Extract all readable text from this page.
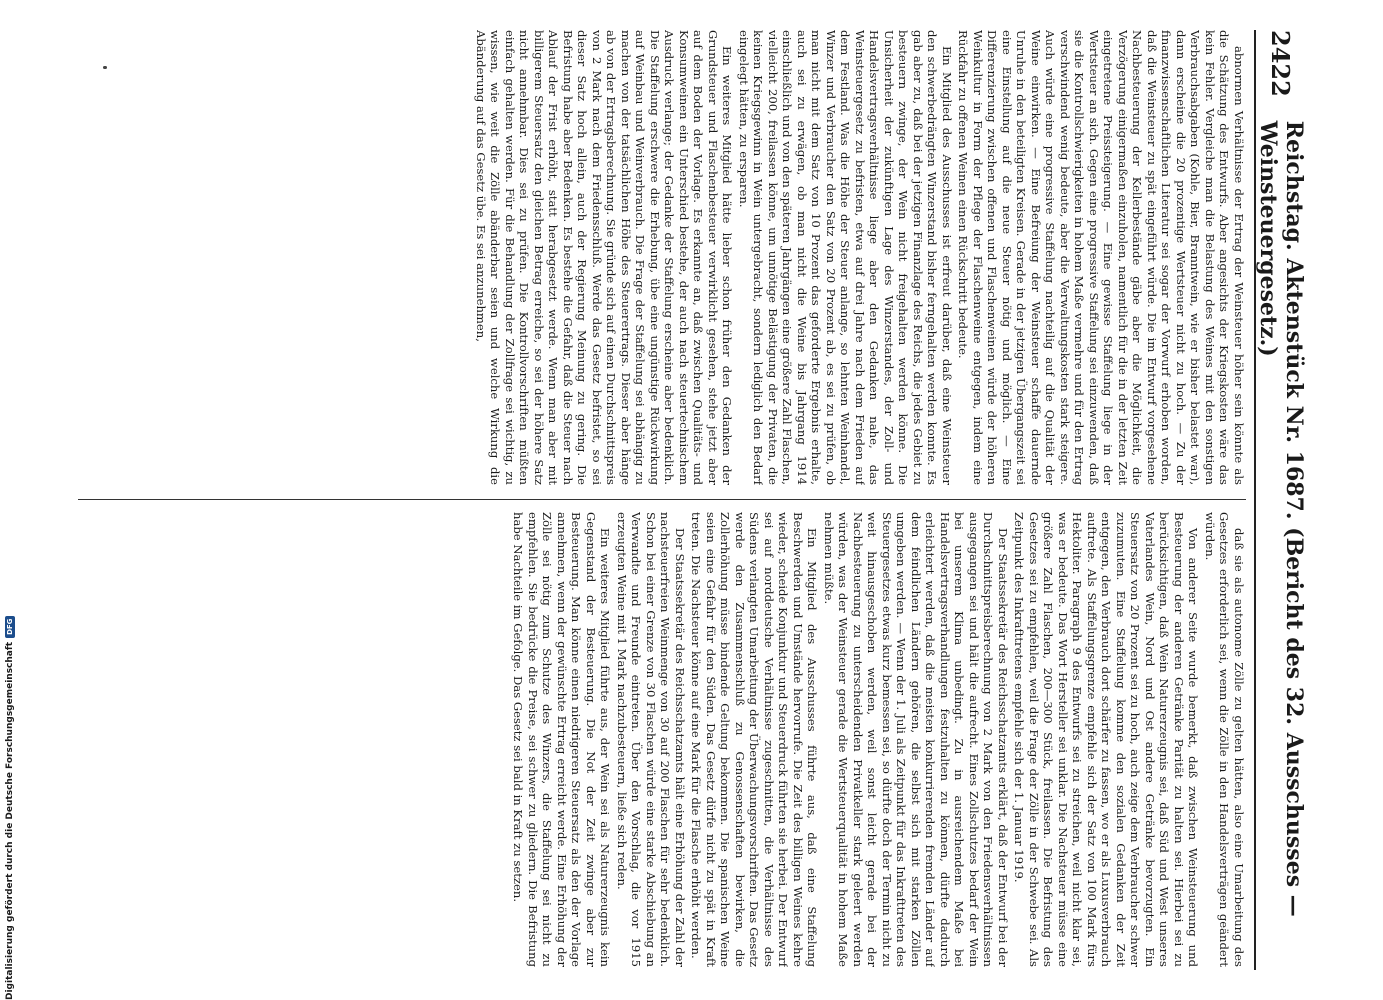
2422
Reichstag. Aktenstück Nr. 1687. (Bericht des 32. Ausschusses — Weinsteuergesetz.)

abnormen Verhältnisse der Ertrag der Weinsteuer höher sein könnte als die Schätzung des Entwurfs. Aber angesichts der Kriegskosten wäre das kein Fehler. Vergleiche man die Belastung des Weines mit den sonstigen Verbrauchsabgaben (Kohle, Bier, Branntwein, wie er bisher belastet war), dann erscheine die 20 prozentige Wertsteuer nicht zu hoch. — Zu der finanzwissenschaftlichen Literatur sei sogar der Vorwurf erhoben worden, daß die Weinsteuer zu spät eingeführt würde. Die im Entwurf vorgesehene Nachbesteuerung der Kellerbestände gäbe aber die Möglichkeit, die Verzögerung einigermaßen einzuholen, namentlich für die in der letzten Zeit eingetretene Preissteigerung. — Eine gewisse Staffelung liege in der Wertsteuer an sich. Gegen eine progressive Staffelung sei einzuwenden, daß sie die Kontrollschwierigkeiten in hohem Maße vermehre und für den Ertrag verschwindend wenig bedeute, aber die Verwaltungskosten stark steigere. Auch würde eine progressive Staffelung nachteilig auf die Qualität der Weine einwirken. — Eine Befreiung der Weinsteuer schaffe dauernde Unruhe in den beteiligten Kreisen. Gerade in der jetzigen Übergangszeit sei eine Einstellung auf die neue Steuer nötig und möglich. — Eine Differenzierung zwischen offenen und Flaschenweinen würde der höheren Weinkultur in Form der Pflege der Flaschenweine entgegen, indem eine Rückfahr zu offenen Weinen einen Rückschritt bedeute.

Ein Mitglied des Ausschusses ist erfreut darüber, daß eine Weinsteuer den schwerbedrängten Winzerstand bisher ferngehalten werden konnte. Es gab aber zu, daß bei der jetzigen Finanzlage des Reichs, die jedes Gebiet zu besteuern zwinge, der Wein nicht freigehalten werden könne. Die Unsicherheit der zukünftigen Lage des Winzerstandes, der Zoll- und Handelsvertragsverhältnisse liege aber den Gedanken nahe, das Weinsteuergesetz zu befristen, etwa auf drei Jahre nach dem Frieden auf dem Festland. Was die Höhe der Steuer anlange, so lehnten Weinhandel, Winzer und Verbraucher den Satz von 20 Prozent ab, es sei zu prüfen, ob man nicht mit dem Satz von 10 Prozent das geforderte Ergebnis erhalte, auch sei zu erwägen, ob man nicht die Weine bis Jahrgang 1914 einschließlich und von den späteren Jahrgängen eine größere Zahl Flaschen, vielleicht 200, freilassen könne, um unnötige Belästigung der Privaten, die keinen Kriegsgewinn in Wein untergebracht, sondern lediglich den Bedarf eingelegt hätten, zu ersparen.

Ein weiteres Mitglied hätte lieber schon früher den Gedanken der Grundsteuer und Flaschenbesteuer verwirklicht gesehen, stehe jetzt aber auf dem Boden der Vorlage. Es erkannte an, daß zwischen Qualitäts- und Konsumweinen ein Unterschied bestehe, der auch nach steuertechnischem Ausdruck verlange; der Gedanke der Staffelung erscheine aber bedenklich. Die Staffelung erschwere die Erhebung, übe eine ungünstige Rückwirkung auf Weinbau und Weinverbrauch. Die Frage der Staffelung sei abhängig zu machen von der tatsächlichen Höhe des Steuerertrags. Dieser aber hänge ab von der Ertragsberechnung. Sie gründe sich auf einen Durchschnittspreis von 2 Mark nach dem Friedensschluß. Werde das Gesetz befristet, so sei dieser Satz hoch allein, auch der Regierung Meinung zu gering. Die Befristung habe aber Bedenken. Es bestehe die Gefahr, daß die Steuer nach Ablauf der Frist erhöht, statt herabgesetzt werde. Wenn man aber mit billigerem Steuersatz den gleichen Betrag erreiche, so sei der höhere Satz nicht annehmbar. Dies sei zu prüfen. Die Kontrollvorschriften müßten einfach gehalten werden. Für die Behandlung der Zollfrage sei wichtig, zu wissen, wie weit die Zölle abänderbar seien und welche Wirkung die Abänderung auf das Gesetz übe. Es sei anzunehmen,

daß sie als autonome Zölle zu gelten hätten, also eine Umarbeitung des Gesetzes erforderlich sei, wenn die Zölle in den Handelsverträgen geändert würden.

Von anderer Seite wurde bemerkt, daß zwischen Weinsteuerung und Besteuerung der anderen Getränke Parität zu halten sei. Hierbei sei zu berücksichtigen, daß Wein Naturerzeugnis sei, daß Süd und West unseres Vaterlandes Wein, Nord und Ost andere Getränke bevorzugten. Ein Steuersatz von 20 Prozent sei zu hoch, auch zeige dem Verbraucher schwer zuzumuten. Eine Staffelung komme den sozialen Gedanken der Zeit entgegen, den Verbrauch dort schärfer zu fassen, wo er als Luxusverbrauch auftrete. Als Staffelungsgrenze empfehle sich der Satz von 100 Mark fürs Hektoliter. Paragraph 9 des Entwurfs sei zu streichen, weil nicht klar sei, was er bedeute. Das Wort Hersteller sei unklar. Die Nachsteuer müsse eine größere Zahl Flaschen, 200—300 Stück, freilassen. Die Befristung des Gesetzes sei zu empfehlen, weil die Frage der Zölle in der Schwebe sei. Als Zeitpunkt des Inkrafttretens empfehle sich der 1. Januar 1919.

Der Staatssekretär des Reichsschatzamts erklärt, daß der Entwurf bei der Durchschnittspreisberechnung von 2 Mark von den Friedensverhältnissen ausgegangen sei und hält die aufrecht. Eines Zollschutzes bedarf der Wein bei unserem Klima unbedingt. Zu in ausreichendem Maße bei Handelsvertragsverhandlungen festzuhalten zu können, dürfte dadurch erleichtert werden, daß die meisten konkurrierenden fremden Länder auf dem feindlichen Ländern gehören, die selbst sich mit starken Zöllen umgeben werden. — Wenn der 1. Juli als Zeitpunkt für das Inkrafttreten des Steuergesetzes etwas kurz bemessen sei, so dürfte doch der Termin nicht zu weit hinausgeschoben werden, weil sonst leicht gerade bei der Nachbesteuerung zu unterscheidenden Privatkeller stark geleert werden würden, was der Weinsteuer gerade die Wertsteuerqualität in hohem Maße nehmen müßte.

Ein Mitglied des Ausschusses führte aus, daß eine Staffelung Beschwerden und Umstände hervorrufe. Die Zeit des billigen Weines kehre wieder, scheide Konjunktur und Steuerdruck führten sie herbei. Der Entwurf sei auf norddeutsche Verhältnisse zugeschnitten, die Verhältnisse des Südens verlangten Umarbeitung der Überwachungsvorschriften. Das Gesetz werde den Zusammenschluß zu Genossenschaften bewirken, die Zollerhöhung müsse bindende Geltung bekommen. Die spanischen Weine seien eine Gefahr für den Süden. Das Gesetz dürfe nicht zu spät in Kraft treten. Die Nachsteuer könne auf eine Mark für die Flasche erhöht werden.

Der Staatssekretär des Reichsschatzamts hält eine Erhöhung der Zahl der nachsteuerfreien Weinmenge von 30 auf 200 Flaschen für sehr bedenklich. Schon bei einer Grenze von 30 Flaschen würde eine starke Abschiebung an Verwandte und Freunde eintreten. Über den Vorschlag, die vor 1915 erzeugten Weine mit 1 Mark nachzubesteuern, ließe sich reden.

Ein weiteres Mitglied führte aus, der Wein sei als Naturerzeugnis kein Gegenstand der Besteuerung. Die Not der Zeit zwinge aber zur Besteuerung. Man könne einen niedrigeren Steuersatz als den der Vorlage annehmen, wenn der gewünschte Ertrag erreicht werde. Eine Erhöhung der Zölle sei nötig zum Schutze des Winzers, die Staffelung sei nicht zu empfehlen. Sie bedrücke die Preise, sei schwer zu gliedern. Die Befristung habe Nachteile im Gefolge. Das Gesetz sei bald in Kraft zu setzen.

Digitalisierung gefördert durch die Deutsche Forschungsgemeinschaft
DFG
